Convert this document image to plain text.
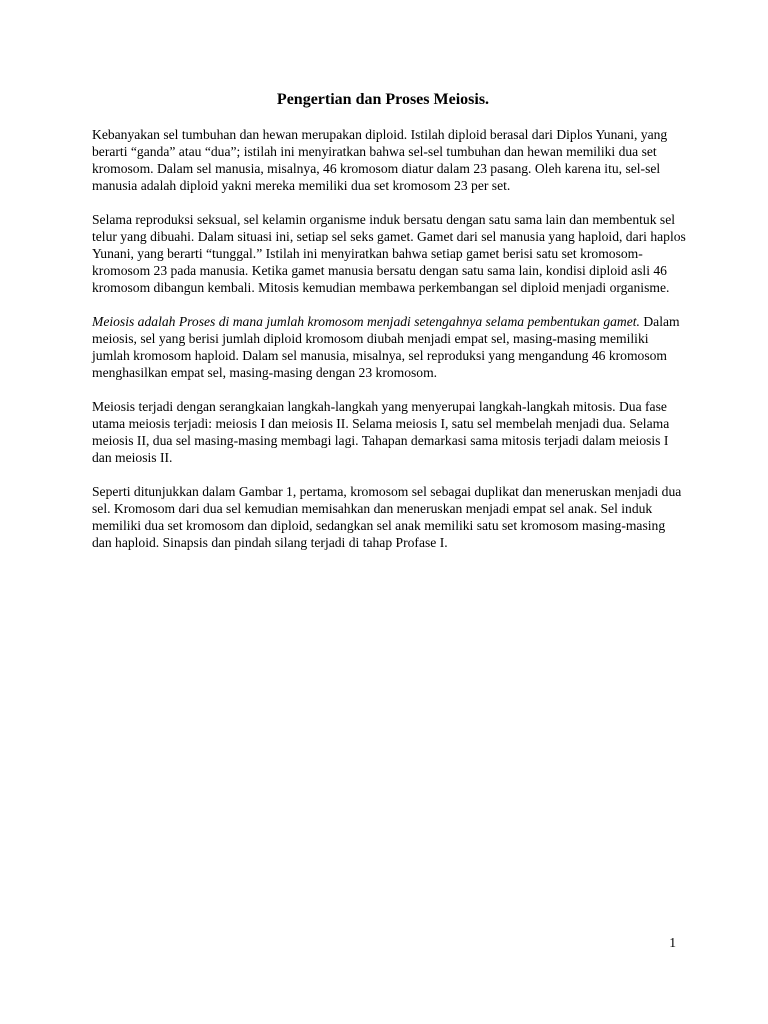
Pengertian dan Proses Meiosis.

Kebanyakan sel tumbuhan dan hewan merupakan diploid. Istilah diploid berasal dari Diplos Yunani, yang berarti “ganda” atau “dua”; istilah ini menyiratkan bahwa sel-sel tumbuhan dan hewan memiliki dua set kromosom. Dalam sel manusia, misalnya, 46 kromosom diatur dalam 23 pasang. Oleh karena itu, sel-sel manusia adalah diploid yakni mereka memiliki dua set kromosom 23 per set.

Selama reproduksi seksual, sel kelamin organisme induk bersatu dengan satu sama lain dan membentuk sel telur yang dibuahi. Dalam situasi ini, setiap sel seks gamet. Gamet dari sel manusia yang haploid, dari haplos Yunani, yang berarti “tunggal.” Istilah ini menyiratkan bahwa setiap gamet berisi satu set kromosom-kromosom 23 pada manusia. Ketika gamet manusia bersatu dengan satu sama lain, kondisi diploid asli 46 kromosom dibangun kembali. Mitosis kemudian membawa perkembangan sel diploid menjadi organisme.

Meiosis adalah Proses di mana jumlah kromosom menjadi setengahnya selama pembentukan gamet. Dalam meiosis, sel yang berisi jumlah diploid kromosom diubah menjadi empat sel, masing-masing memiliki jumlah kromosom haploid. Dalam sel manusia, misalnya, sel reproduksi yang mengandung 46 kromosom menghasilkan empat sel, masing-masing dengan 23 kromosom.

Meiosis terjadi dengan serangkaian langkah-langkah yang menyerupai langkah-langkah mitosis. Dua fase utama meiosis terjadi: meiosis I dan meiosis II. Selama meiosis I, satu sel membelah menjadi dua. Selama meiosis II, dua sel masing-masing membagi lagi. Tahapan demarkasi sama mitosis terjadi dalam meiosis I dan meiosis II.

Seperti ditunjukkan dalam Gambar 1, pertama, kromosom sel sebagai duplikat dan meneruskan menjadi dua sel. Kromosom dari dua sel kemudian memisahkan dan meneruskan menjadi empat sel anak. Sel induk memiliki dua set kromosom dan diploid, sedangkan sel anak memiliki satu set kromosom masing-masing dan haploid. Sinapsis dan pindah silang terjadi di tahap Profase I.

1
